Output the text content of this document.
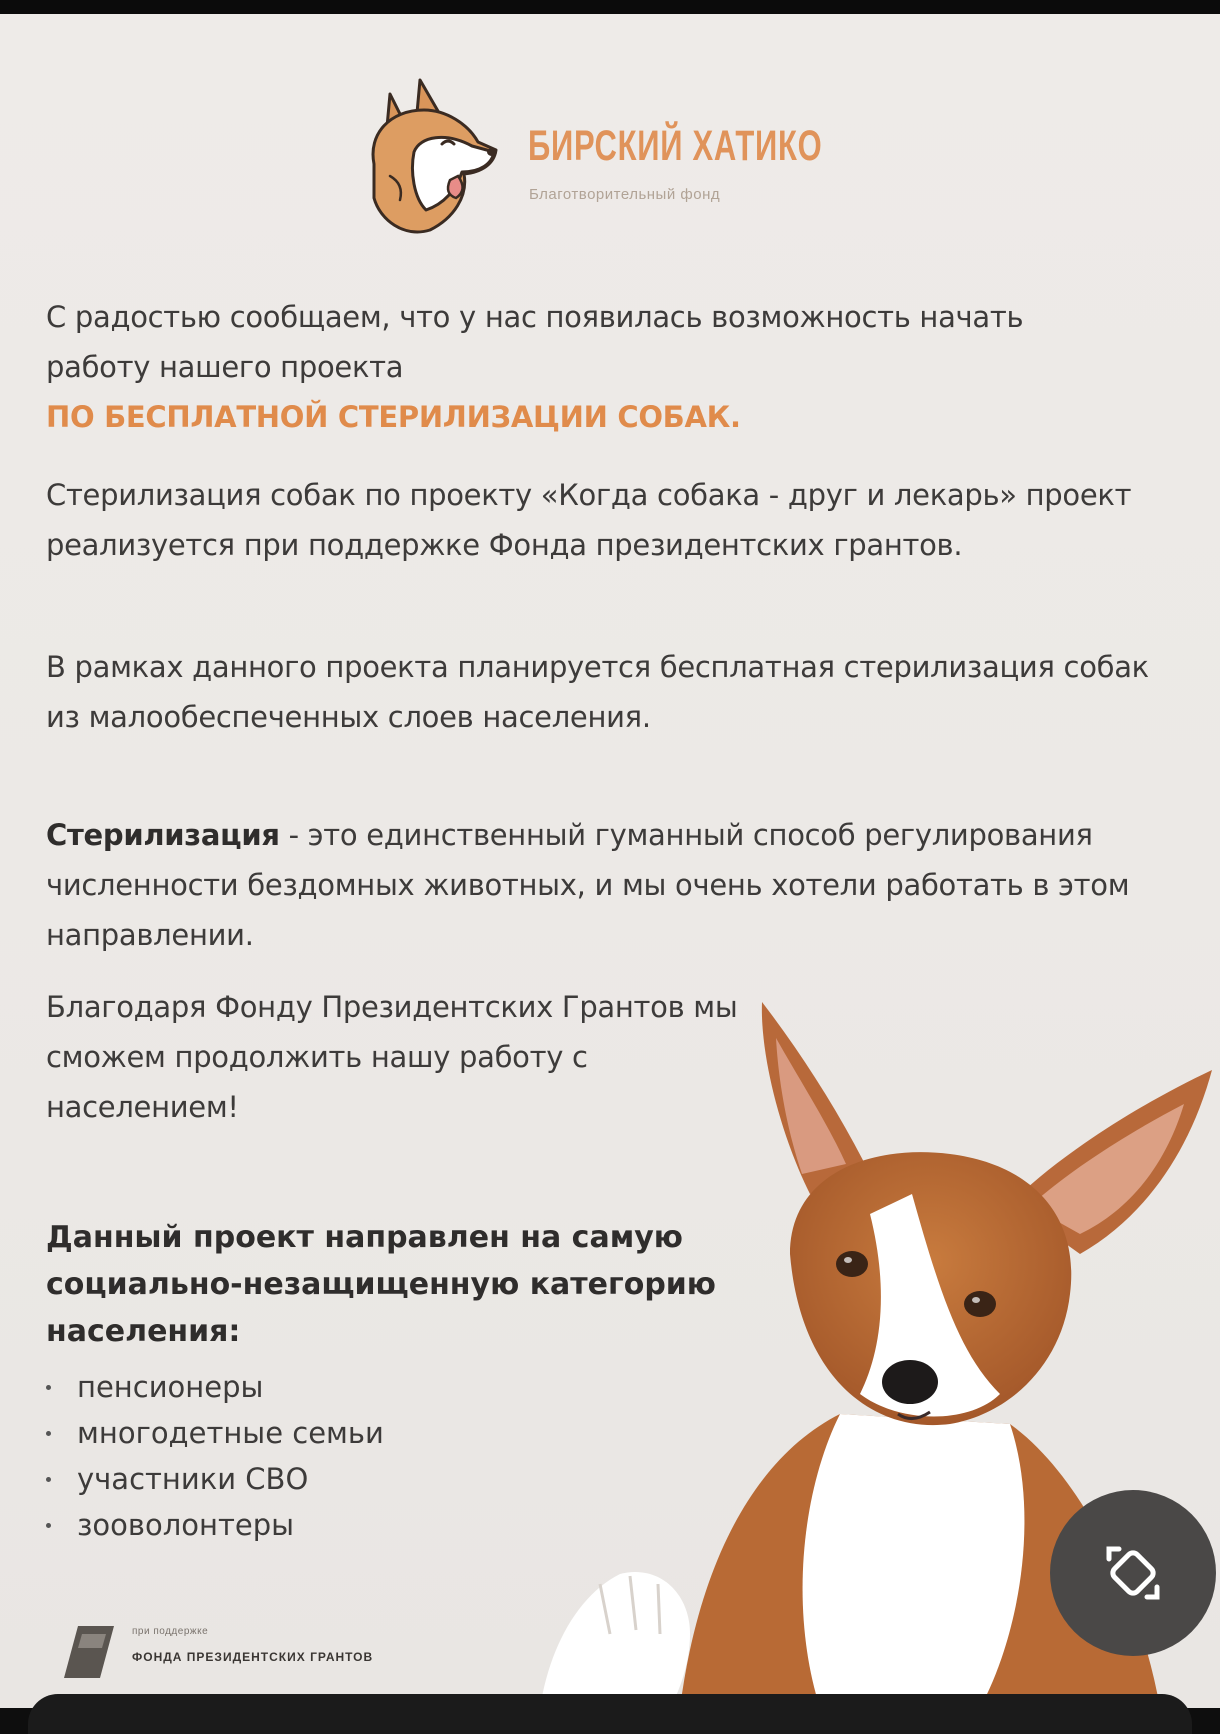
БИРСКИЙ ХАТИКО
Благотворительный фонд
С радостью сообщаем, что у нас появилась возможность начать работу нашего проекта
ПО БЕСПЛАТНОЙ СТЕРИЛИЗАЦИИ СОБАК.
Стерилизация собак по проекту «Когда собака - друг и лекарь» проект реализуется при поддержке Фонда президентских грантов.
В рамках данного проекта планируется бесплатная стерилизация собак из малообеспеченных слоев населения.
Стерилизация - это единственный гуманный способ регулирования численности бездомных животных, и мы очень хотели работать в этом направлении.
Благодаря Фонду Президентских Грантов мы сможем продолжить нашу работу с населением!
Данный проект направлен на самую социально-незащищенную категорию населения:
пенсионеры
многодетные семьи
участники СВО
зооволонтеры
при поддержке
ФОНДА ПРЕЗИДЕНТСКИХ ГРАНТОВ
